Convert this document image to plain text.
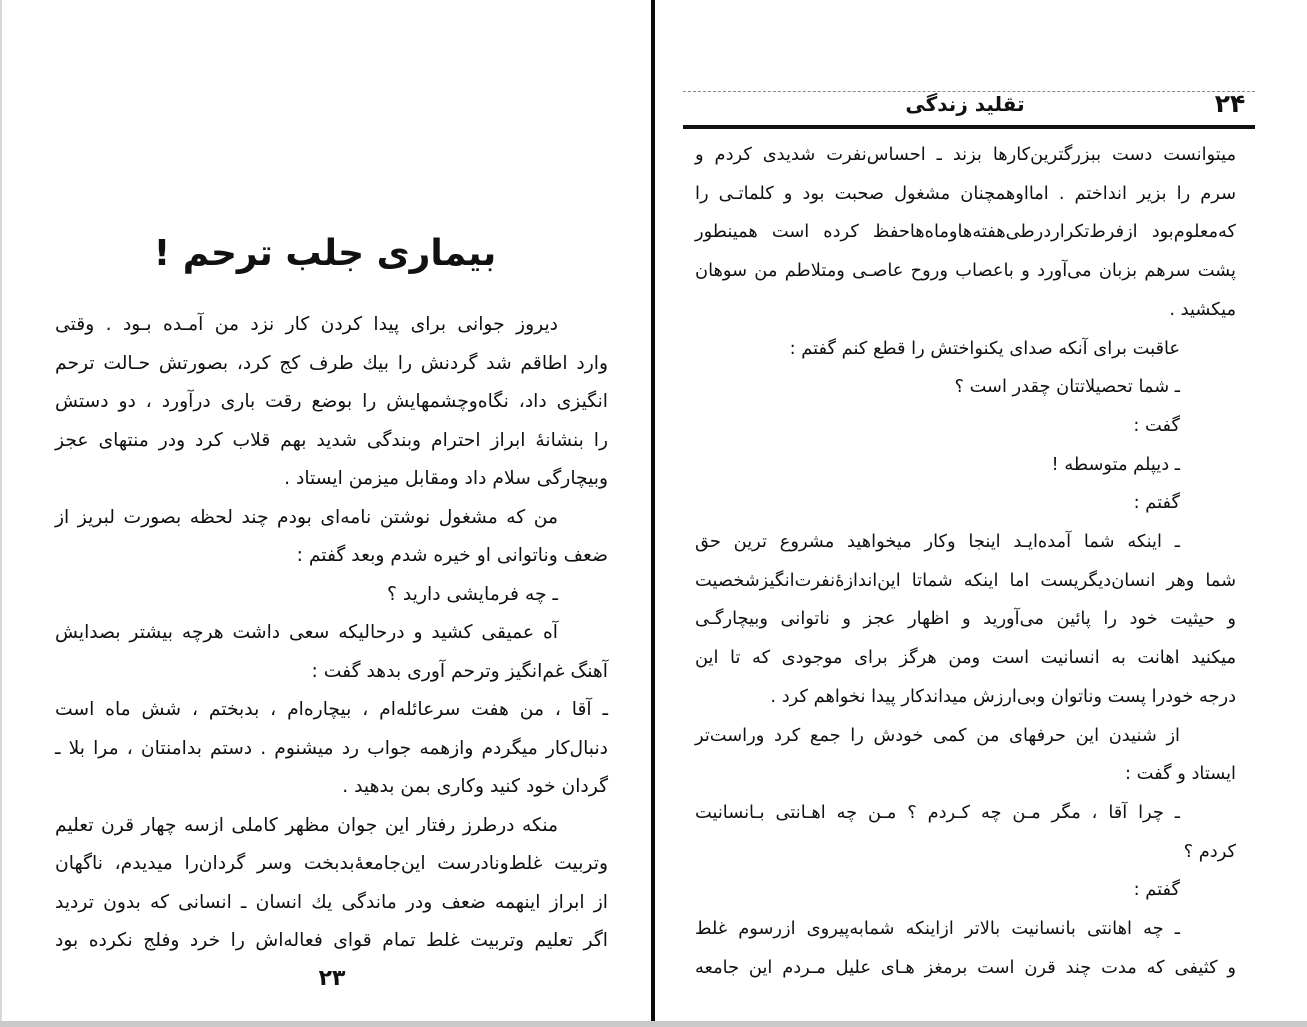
بیماری جلب ترحم !
دیروز جوانی برای پیدا کردن کار نزد من آمـده بـود . وقتی
وارد اطاقم شد گردنش را بیك طرف کج کرد، بصورتش حـالت ترحم
انگیزی داد، نگاه‌وچشمهایش را بوضع رقت باری درآورد ، دو دستش
را بنشانهٔ ابراز احترام وبندگی شدید بهم قلاب کرد ودر منتهای عجز
وبیچارگی سلام داد ومقابل میزمن ایستاد .
من که مشغول نوشتن نامه‌ای بودم چند لحظه بصورت لبریز از
ضعف وناتوانی او خیره شدم وبعد گفتم :
ـ چه فرمایشی دارید ؟
آه عمیقی کشید و درحالیکه سعی داشت هرچه بیشتر بصدایش
آهنگ غم‌انگیز وترحم آوری بدهد گفت :
ـ آقا ، من هفت سرعائله‌ام ، بیچاره‌ام ، بدبختم ، شش ماه است
دنبال‌کار میگردم وازهمه جواب رد میشنوم . دستم بدامنتان ، مرا بلا ـ
گردان خود کنید وکاری بمن بدهید .
منکه درطرز رفتار این جوان مظهر کاملی ازسه چهار قرن تعلیم
وتربیت غلط‌ونادرست این‌جامعهٔ‌بدبخت وسر گردان‌را میدیدم، ناگهان
از ابراز اینهمه ضعف ودر ماندگی یك انسان ـ انسانی که بدون تردید
اگر تعلیم وتربیت غلط تمام قوای فعاله‌اش را خرد وفلج نکرده بود
۲۳
تقلید زندگی	۲۴
میتوانست دست ببزرگترین‌کارها بزند ـ احساس‌نفرت شدیدی کردم و
سرم را بزیر انداختم . امااوهمچنان مشغول صحبت بود و کلماتـی را
که‌معلوم‌بود ازفرط‌تکراردرطی‌هفته‌هاوماه‌هاحفظ کرده است همینطور
پشت سرهم بزبان می‌آورد و باعصاب وروح عاصـی ومتلاطم من سوهان
میکشید .
عاقبت برای آنکه صدای یکنواختش را قطع کنم گفتم :
ـ شما تحصیلاتتان چقدر است ؟
گفت :
ـ دیپلم متوسطه !
گفتم :
ـ اینکه شما آمده‌ایـد اینجا وکار میخواهید مشروع ترین حق
شما وهر انسان‌دیگریست اما اینکه شماتا این‌اندازهٔ‌نفرت‌انگیزشخصیت
و حیثیت خود را پائین می‌آورید و اظهار عجز و ناتوانی وبیچارگـی
میکنید اهانت به انسانیت است ومن هرگز برای موجودی که تا این
درجه خودرا پست وناتوان وبی‌ارزش میداندکار پیدا نخواهم کرد .
از شنیدن این حرفهای من کمی خودش را جمع کرد وراست‌تر
ایستاد و گفت :
ـ چرا آقا ، مگر مـن چه کـردم ؟ مـن چه اهـانتی بـانسانیت
کردم ؟
گفتم :
ـ چه اهانتی بانسانیت بالاتر ازاینکه شمابه‌پیروی ازرسوم غلط
و کثیفی که مدت چند قرن است برمغز هـای علیل مـردم این جامعه
